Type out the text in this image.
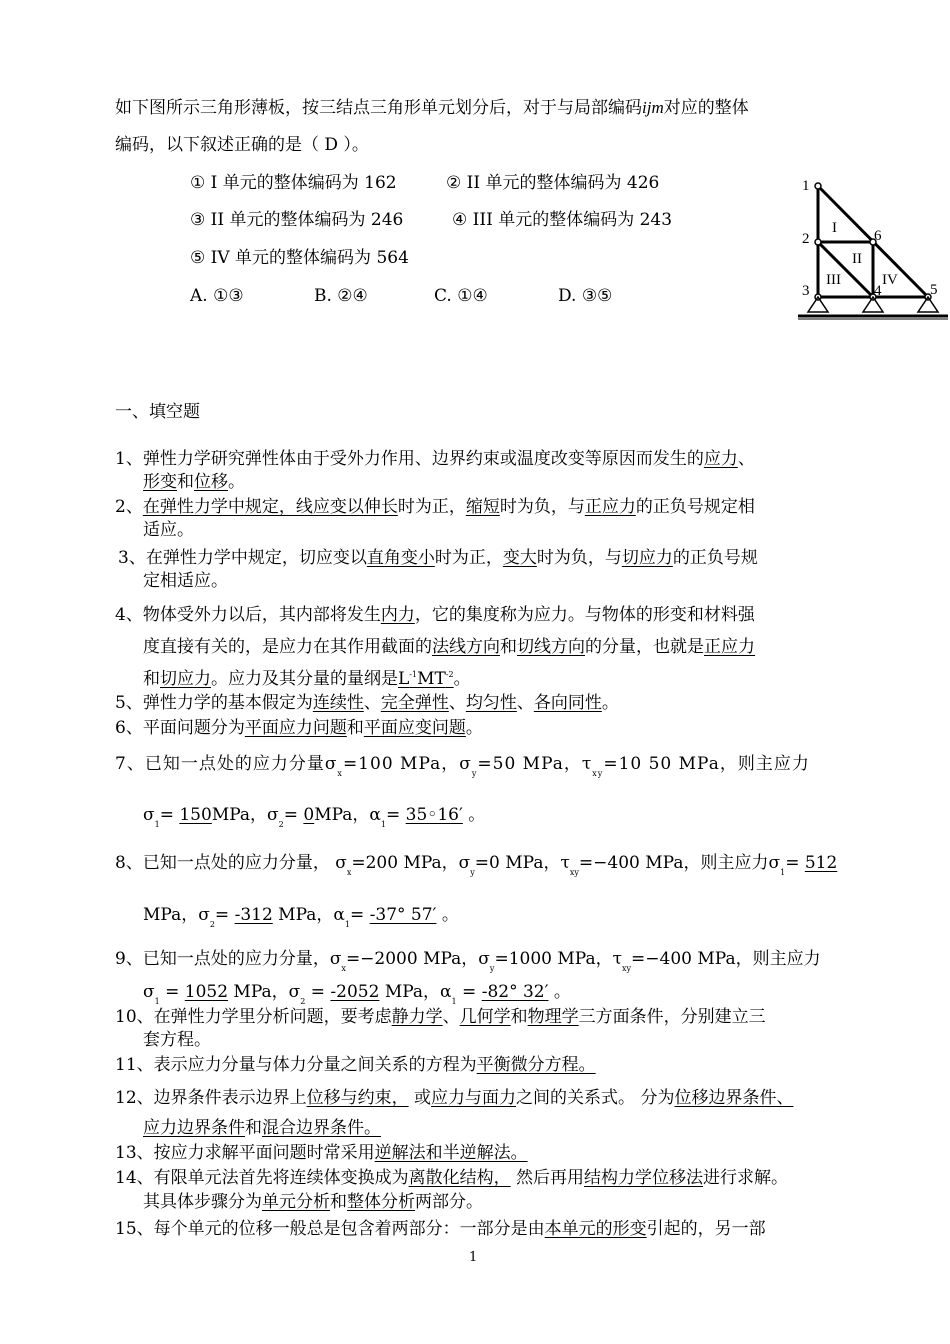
如下图所示三角形薄板，按三结点三角形单元划分后，对于与局部编码ijm对应的整体
编码，以下叙述正确的是（ D ）。
① I 单元的整体编码为 162	② II 单元的整体编码为 426
③ II 单元的整体编码为 246	④ III 单元的整体编码为 243
⑤ IV 单元的整体编码为 564
A. ①③	B. ②④	C. ①④	D. ③⑤
1
2
3	4	5
6
I
II
III	IV
一、填空题
1、弹性力学研究弹性体由于受外力作用、边界约束或温度改变等原因而发生的应力、
形变和位移。
2、在弹性力学中规定，线应变以伸长时为正，缩短时为负，与正应力的正负号规定相
适应。
3、在弹性力学中规定，切应变以直角变小时为正，变大时为负，与切应力的正负号规
定相适应。
4、物体受外力以后，其内部将发生内力，它的集度称为应力。与物体的形变和材料强
度直接有关的，是应力在其作用截面的法线方向和切线方向的分量，也就是正应力
和切应力。应力及其分量的量纲是$L^{-1}MT^{-2}$。
5、弹性力学的基本假定为连续性、完全弹性、均匀性、各向同性。
6、平面问题分为平面应力问题和平面应变问题。
7、已知一点处的应力分量$\sigma_x=100$ MPa，$\sigma_y=50$ MPa，$\tau_{xy}=10$ 50 MPa，则主应力
$\sigma_1= 150MPa$，$\sigma_2= 0MPa$，$\alpha_1=$ 35◦16′ 。
8、已知一点处的应力分量， $\sigma_x=200$ MPa，$\sigma_y=0$ MPa，$\tau_{xy}=-400$ MPa，则主应力$\sigma_1= 512$
MPa，$\sigma_2= -312$ MPa，$\alpha_1= -37^\circ$ 57′ 。
9、已知一点处的应力分量，$\sigma_x=-2000$ MPa，$\sigma_y=1000$ MPa，$\tau_{xy}=-400$ MPa，则主应力
$\sigma_1 = 1052$ MPa，$\sigma_2 = -2052$ MPa，$\alpha_1 = -82^\circ$ 32′ 。
10、在弹性力学里分析问题，要考虑静力学、几何学和物理学三方面条件，分别建立三
套方程。
11、表示应力分量与体力分量之间关系的方程为平衡微分方程。
12、边界条件表示边界上位移与约束， 或应力与面力之间的关系式。 分为位移边界条件、
应力边界条件和混合边界条件。
13、按应力求解平面问题时常采用逆解法和半逆解法。
14、有限单元法首先将连续体变换成为离散化结构， 然后再用结构力学位移法进行求解。
其具体步骤分为单元分析和整体分析两部分。
15、每个单元的位移一般总是包含着两部分：一部分是由本单元的形变引起的，另一部
1
